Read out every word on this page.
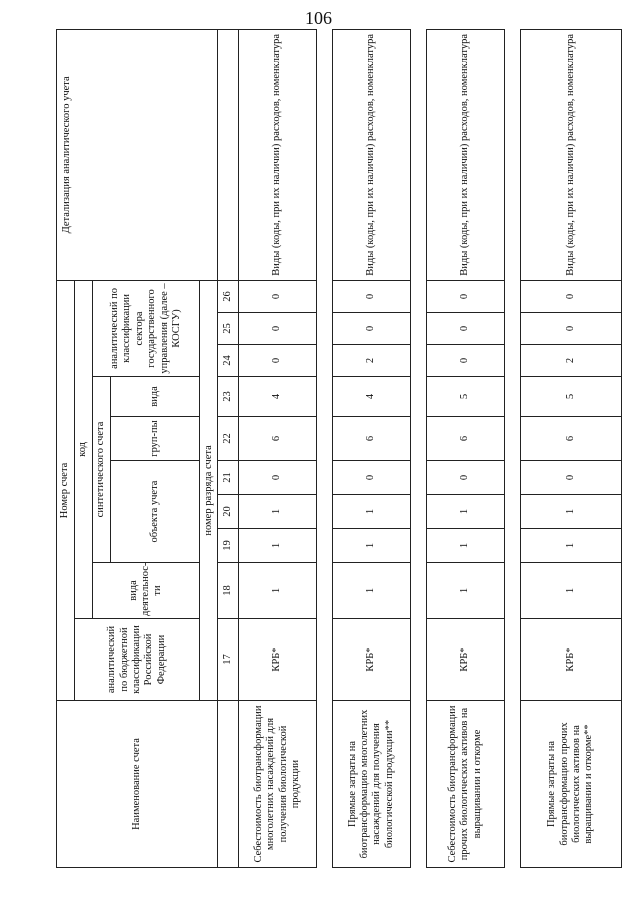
106
Наименование счета	Номер счета										Детализация аналитического учета
	аналитический по бюджетной классификации Российской Федерации	код									
		вида деятельнос-ти	синтетического счета					аналитический по классификации сектора государственного управления (далее – КОСГУ)			
			объекта учета			груп-пы	вида				
	номер разряда счета										
	17	18	19	20	21	22	23	24	25	26	
Себестоимость биотрансформации многолетних насаждений для получения биологической продукции	КРБ*	1	1	1	0	6	4	0	0	0	Виды (коды, при их наличии) расходов, номенклатура

Прямые затраты на биотрансформацию многолетних насаждений для получения биологической продукции**	КРБ*	1	1	1	0	6	4	2	0	0	Виды (коды, при их наличии) расходов, номенклатура

Себестоимость биотрансформации прочих биологических активов на выращивании и откорме	КРБ*	1	1	1	0	6	5	0	0	0	Виды (коды, при их наличии) расходов, номенклатура

Прямые затраты на биотрансформацию прочих биологических активов на выращивании и откорме**	КРБ*	1	1	1	0	6	5	2	0	0	Виды (коды, при их наличии) расходов, номенклатура
